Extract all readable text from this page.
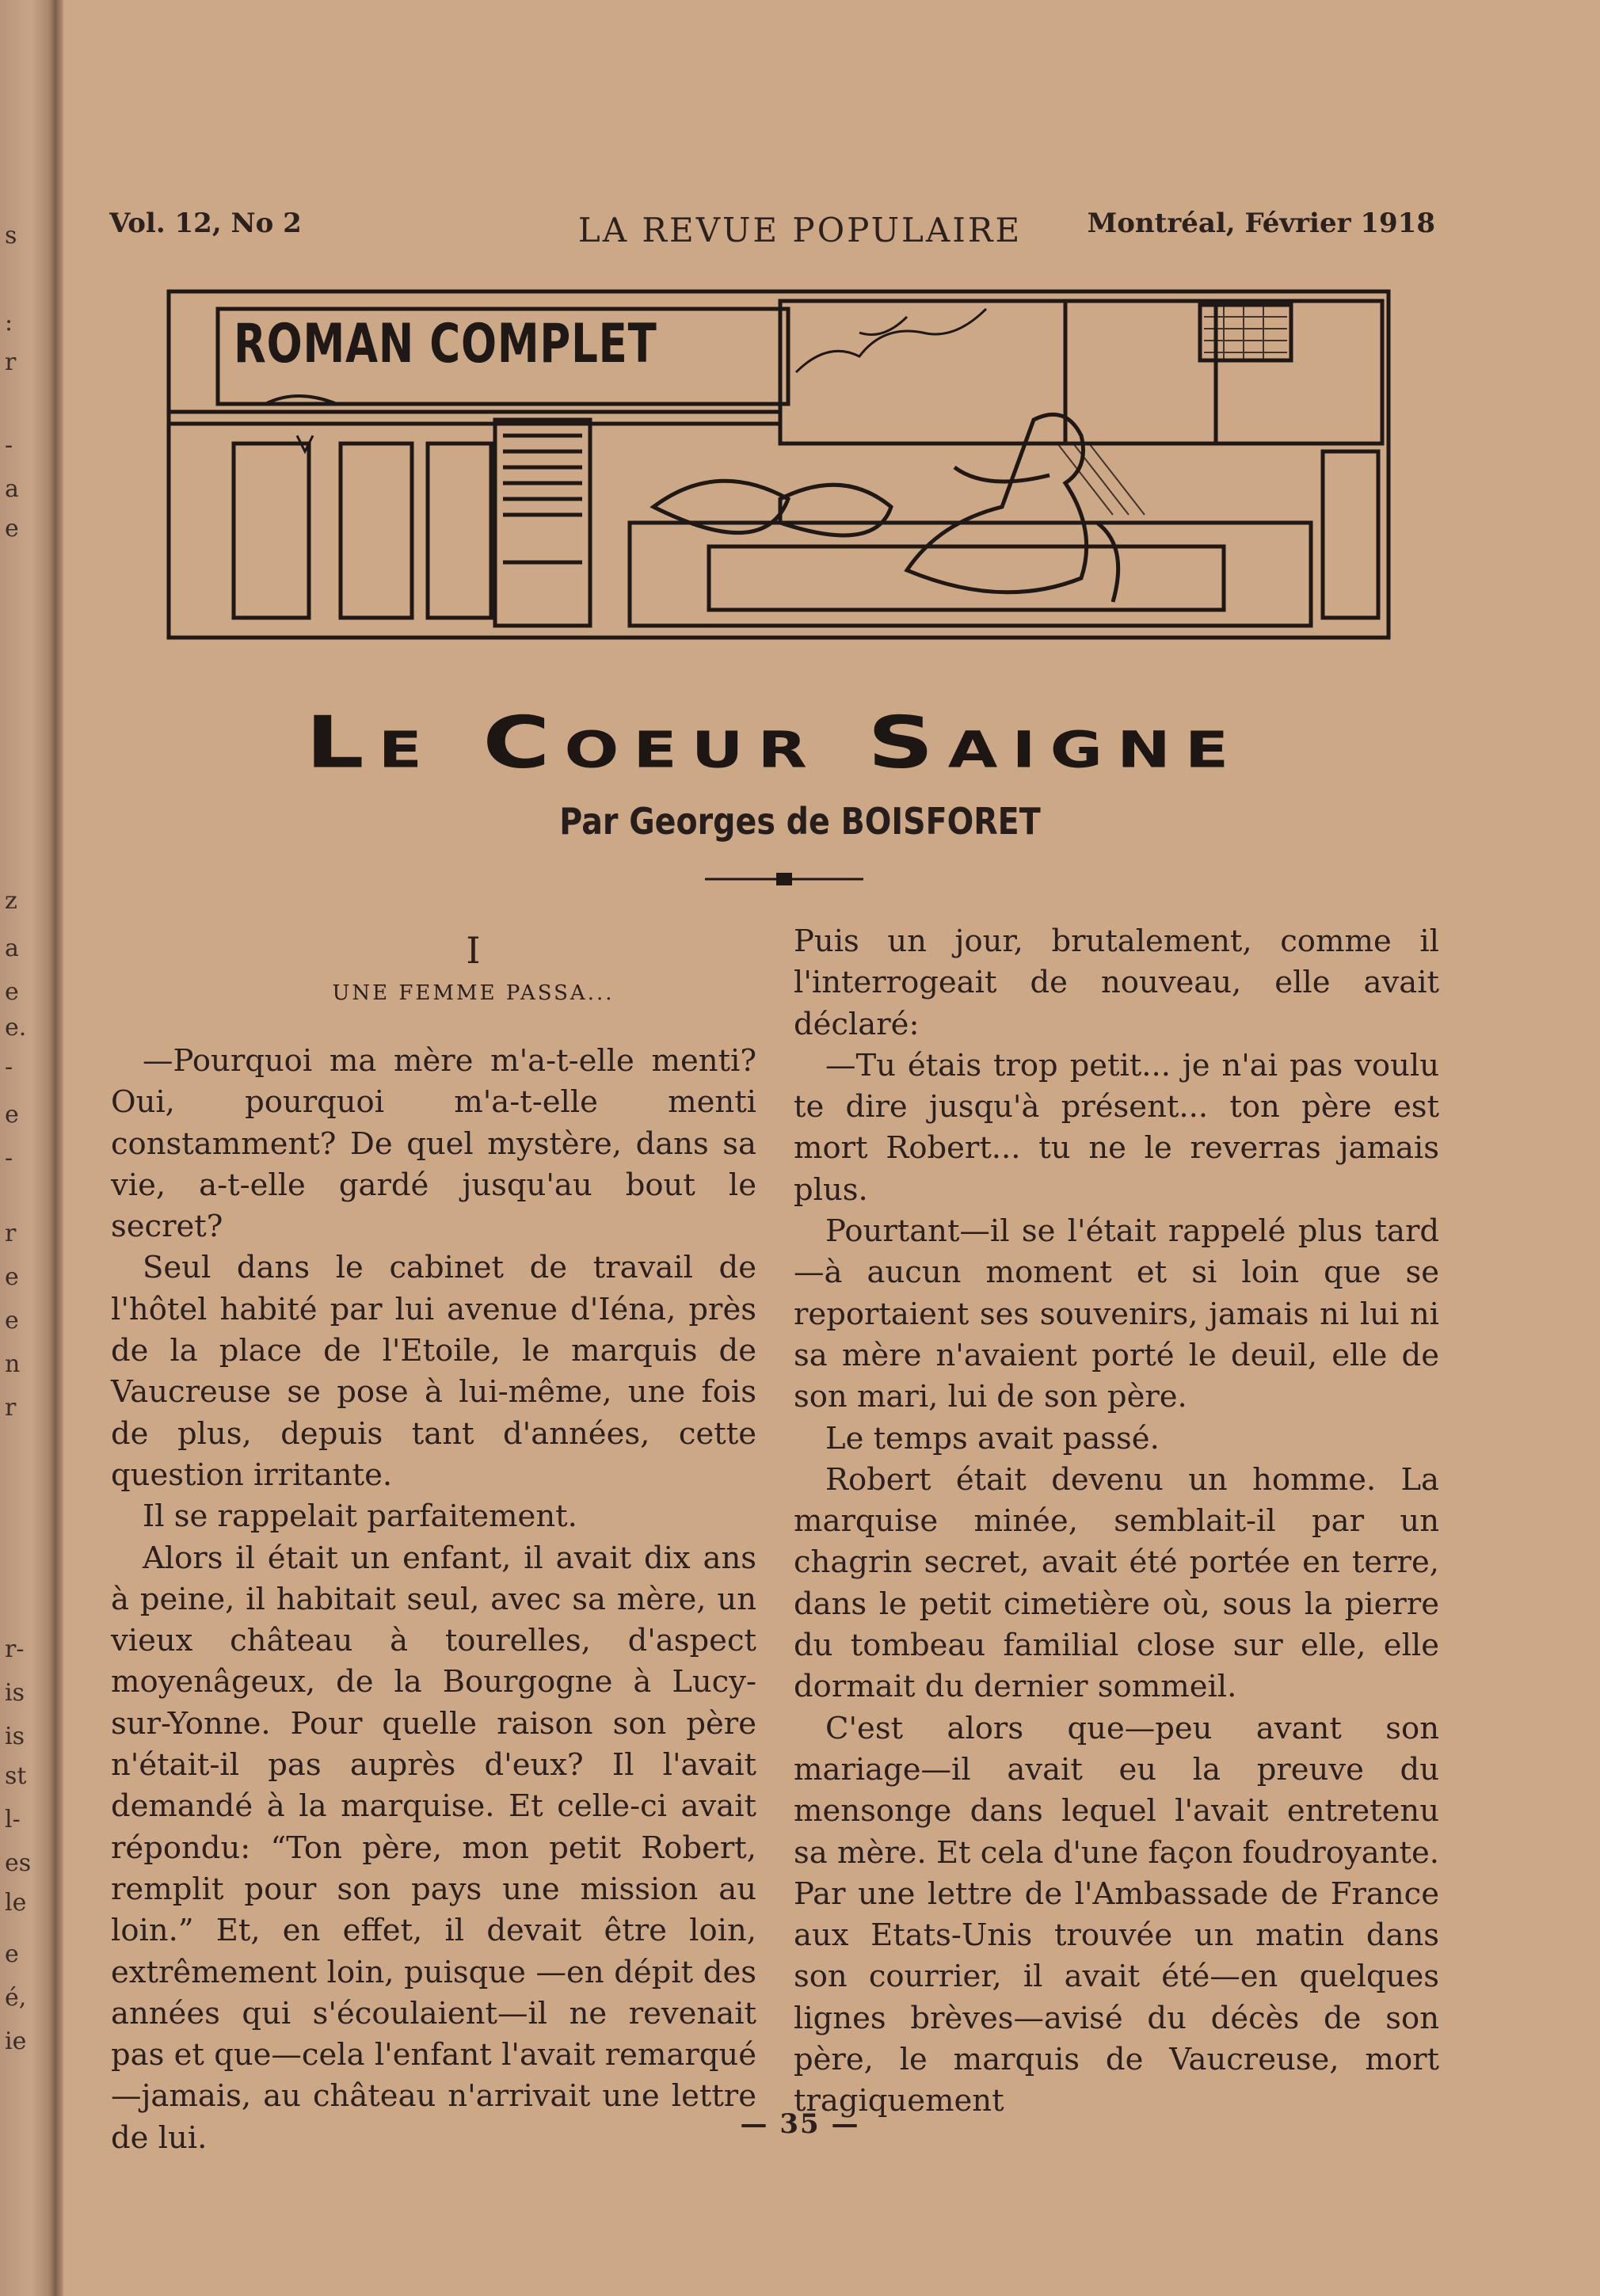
s
:
r
-
a
e
z
a
e
e.
-
e
-
r
e
e
n
r
r-
is
is
st
l-
es
le
e
é,
ie
Vol. 12, No 2	LA REVUE POPULAIRE	Montréal, Février 1918
ROMAN COMPLET
Le Coeur Saigne
Par Georges de BOISFORET
I
UNE FEMME PASSA...

—Pourquoi ma mère m'a-t-elle menti? Oui, pourquoi m'a-t-elle menti constamment? De quel mystère, dans sa vie, a-t-elle gardé jusqu'au bout le secret?

Seul dans le cabinet de travail de l'hôtel habité par lui avenue d'Iéna, près de la place de l'Etoile, le marquis de Vaucreuse se pose à lui-même, une fois de plus, depuis tant d'années, cette question irritante.

Il se rappelait parfaitement.

Alors il était un enfant, il avait dix ans à peine, il habitait seul, avec sa mère, un vieux château à tourelles, d'aspect moyenâgeux, de la Bourgogne à Lucy-sur-Yonne. Pour quelle raison son père n'était-il pas auprès d'eux? Il l'avait demandé à la marquise. Et celle-ci avait répondu: “Ton père, mon petit Robert, remplit pour son pays une mission au loin.” Et, en effet, il devait être loin, extrêmement loin, puisque —en dépit des années qui s'écoulaient—il ne revenait pas et que—cela l'enfant l'avait remarqué—jamais, au château n'arrivait une lettre de lui.

Puis un jour, brutalement, comme il l'interrogeait de nouveau, elle avait déclaré:

—Tu étais trop petit... je n'ai pas voulu te dire jusqu'à présent... ton père est mort Robert... tu ne le reverras jamais plus.

Pourtant—il se l'était rappelé plus tard —à aucun moment et si loin que se reportaient ses souvenirs, jamais ni lui ni sa mère n'avaient porté le deuil, elle de son mari, lui de son père.

Le temps avait passé.

Robert était devenu un homme. La marquise minée, semblait-il par un chagrin secret, avait été portée en terre, dans le petit cimetière où, sous la pierre du tombeau familial close sur elle, elle dormait du dernier sommeil.

C'est alors que—peu avant son mariage—il avait eu la preuve du mensonge dans lequel l'avait entretenu sa mère. Et cela d'une façon foudroyante. Par une lettre de l'Ambassade de France aux Etats-Unis trouvée un matin dans son courrier, il avait été—en quelques lignes brèves—avisé du décès de son père, le marquis de Vaucreuse, mort tragiquement

— 35 —
